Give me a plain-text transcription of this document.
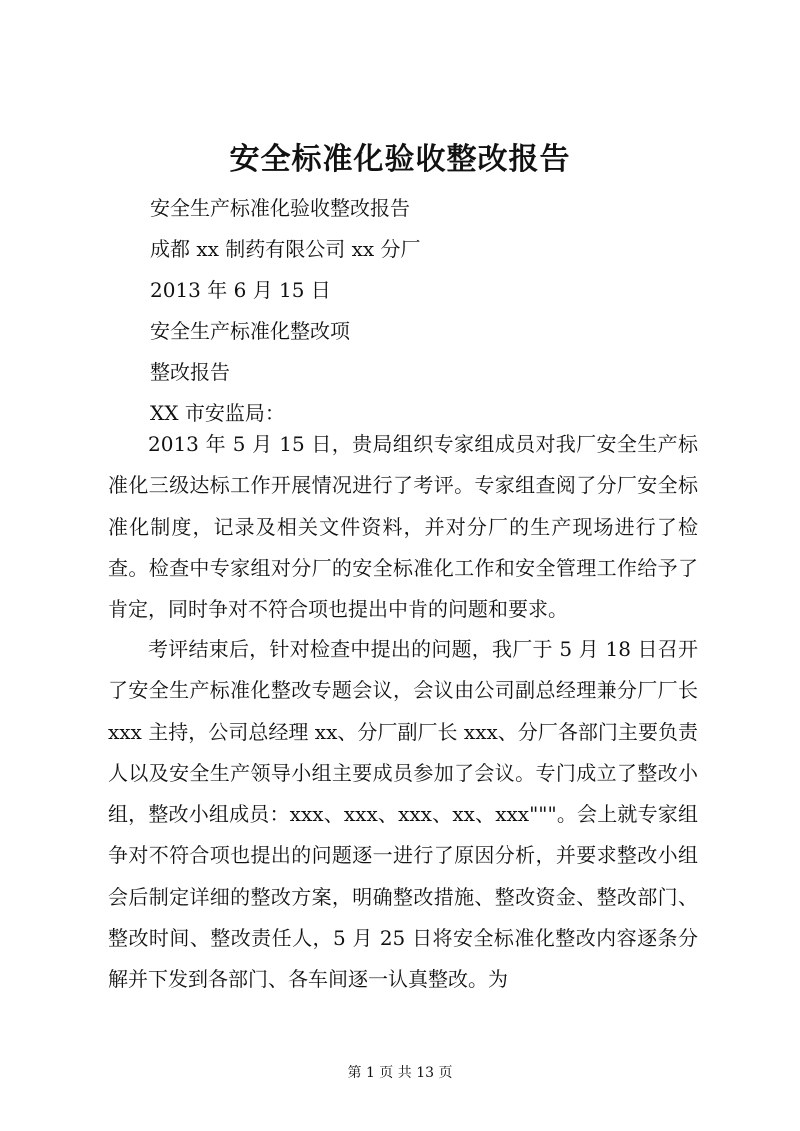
安全标准化验收整改报告
安全生产标准化验收整改报告
成都 xx 制药有限公司 xx 分厂
2013 年 6 月 15 日
安全生产标准化整改项
整改报告
XX 市安监局：

2013 年 5 月 15 日，贵局组织专家组成员对我厂安全生产标准化三级达标工作开展情况进行了考评。专家组查阅了分厂安全标准化制度，记录及相关文件资料，并对分厂的生产现场进行了检查。检查中专家组对分厂的安全标准化工作和安全管理工作给予了肯定，同时争对不符合项也提出中肯的问题和要求。

考评结束后，针对检查中提出的问题，我厂于 5 月 18 日召开了安全生产标准化整改专题会议，会议由公司副总经理兼分厂厂长 xxx 主持，公司总经理 xx、分厂副厂长 xxx、分厂各部门主要负责人以及安全生产领导小组主要成员参加了会议。专门成立了整改小组，整改小组成员：xxx、xxx、xxx、xx、xxx"""。会上就专家组争对不符合项也提出的问题逐一进行了原因分析，并要求整改小组会后制定详细的整改方案，明确整改措施、整改资金、整改部门、整改时间、整改责任人，5 月 25 日将安全标准化整改内容逐条分解并下发到各部门、各车间逐一认真整改。为

第 1 页 共 13 页
